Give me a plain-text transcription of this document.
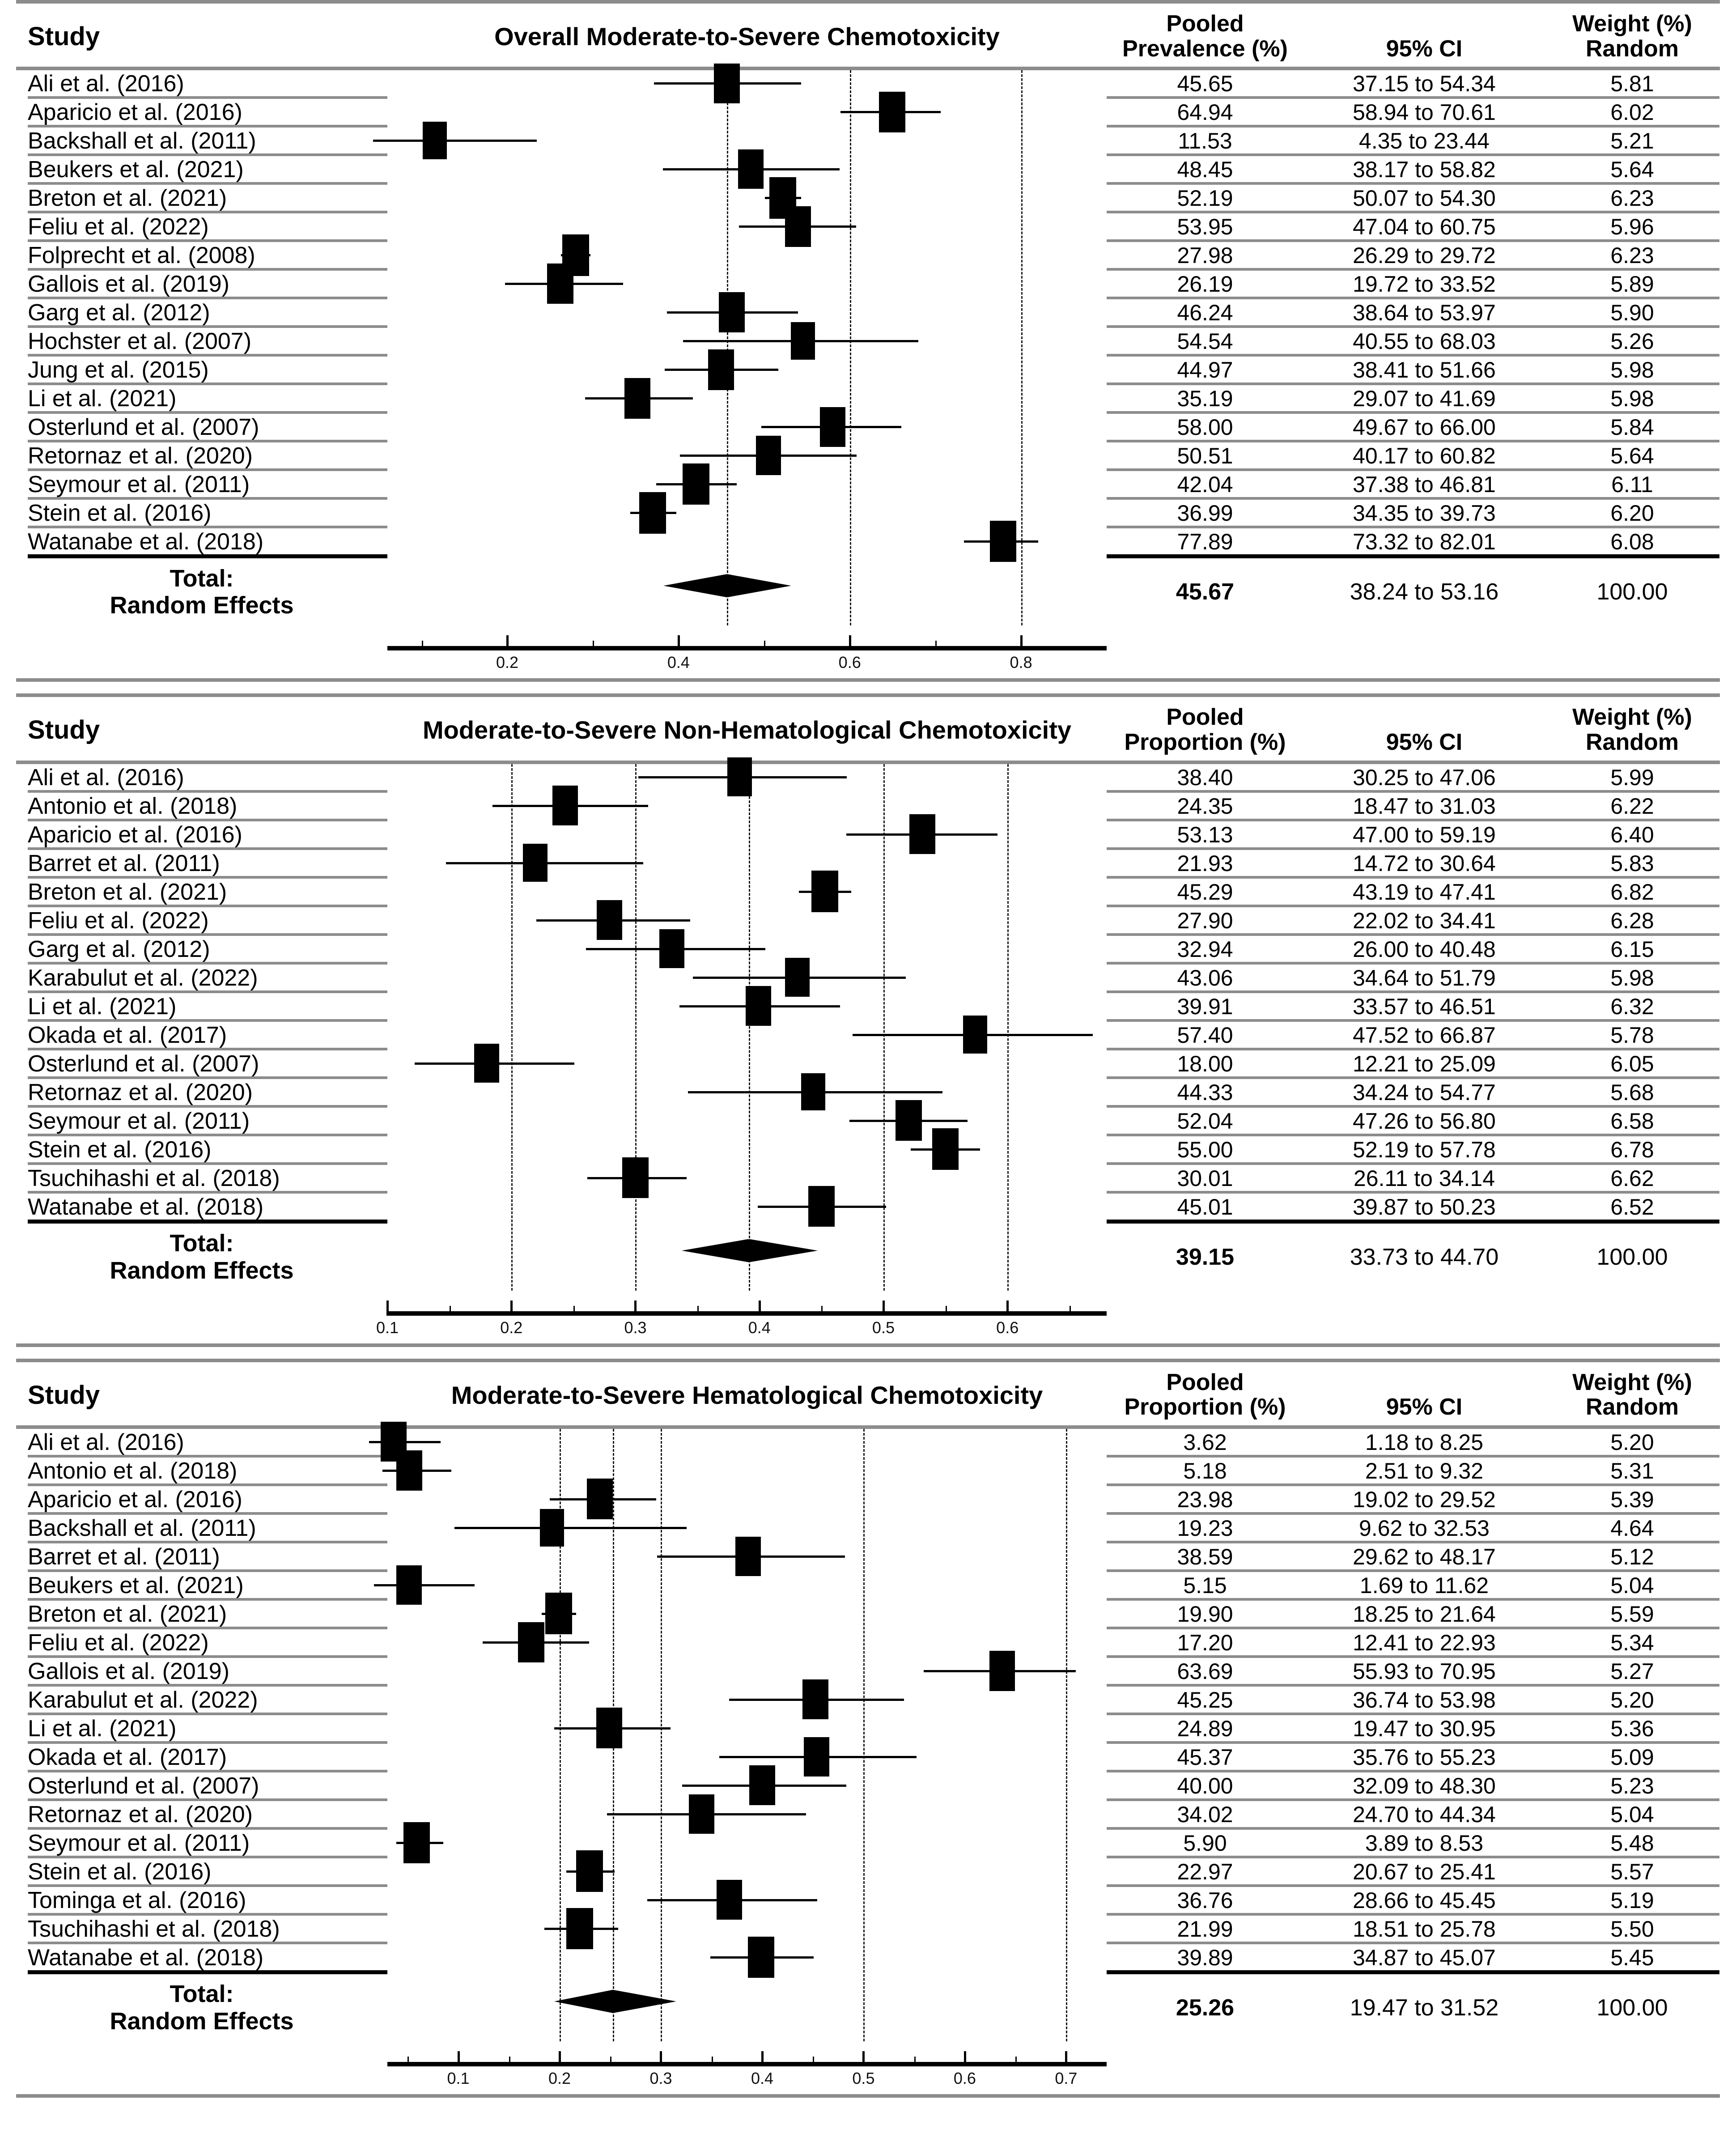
Study	Overall Moderate-to-Severe Chemotoxicity	Pooled
Prevalence (%)	95% CI
Weight (%)
Random
Ali et al. (2016)	45.65	37.15 to 54.34	5.81
Aparicio et al. (2016)	64.94	58.94 to 70.61	6.02
Backshall et al. (2011)	11.53	4.35 to 23.44	5.21
Beukers et al. (2021)	48.45	38.17 to 58.82	5.64
Breton et al. (2021)	52.19	50.07 to 54.30	6.23
Feliu et al. (2022)	53.95	47.04 to 60.75	5.96
Folprecht et al. (2008)	27.98	26.29 to 29.72	6.23
Gallois et al. (2019)	26.19	19.72 to 33.52	5.89
Garg et al. (2012)	46.24	38.64 to 53.97	5.90
Hochster et al. (2007)	54.54	40.55 to 68.03	5.26
Jung et al. (2015)	44.97	38.41 to 51.66	5.98
Li et al. (2021)	35.19	29.07 to 41.69	5.98
Osterlund et al. (2007)	58.00	49.67 to 66.00	5.84
Retornaz et al. (2020)	50.51	40.17 to 60.82	5.64
Seymour et al. (2011)	42.04	37.38 to 46.81	6.11
Stein et al. (2016)	36.99	34.35 to 39.73	6.20
Watanabe et al. (2018)	77.89	73.32 to 82.01	6.08
Total:
Random Effects	45.67	38.24 to 53.16	100.00
0.2	0.4	0.6	0.8
Study	Moderate-to-Severe Non-Hematological Chemotoxicity	Pooled
Proportion (%)	95% CI
Weight (%)
Random
Ali et al. (2016)	38.40	30.25 to 47.06	5.99
Antonio et al. (2018)	24.35	18.47 to 31.03	6.22
Aparicio et al. (2016)	53.13	47.00 to 59.19	6.40
Barret et al. (2011)	21.93	14.72 to 30.64	5.83
Breton et al. (2021)	45.29	43.19 to 47.41	6.82
Feliu et al. (2022)	27.90	22.02 to 34.41	6.28
Garg et al. (2012)	32.94	26.00 to 40.48	6.15
Karabulut et al. (2022)	43.06	34.64 to 51.79	5.98
Li et al. (2021)	39.91	33.57 to 46.51	6.32
Okada et al. (2017)	57.40	47.52 to 66.87	5.78
Osterlund et al. (2007)	18.00	12.21 to 25.09	6.05
Retornaz et al. (2020)	44.33	34.24 to 54.77	5.68
Seymour et al. (2011)	52.04	47.26 to 56.80	6.58
Stein et al. (2016)	55.00	52.19 to 57.78	6.78
Tsuchihashi et al. (2018)	30.01	26.11 to 34.14	6.62
Watanabe et al. (2018)	45.01	39.87 to 50.23	6.52
Total:
Random Effects	39.15	33.73 to 44.70	100.00
0.1	0.2	0.3	0.4	0.5	0.6
Study	Moderate-to-Severe Hematological Chemotoxicity	Pooled
Proportion (%)	95% CI
Weight (%)
Random
Ali et al. (2016)	3.62	1.18 to 8.25	5.20
Antonio et al. (2018)	5.18	2.51 to 9.32	5.31
Aparicio et al. (2016)	23.98	19.02 to 29.52	5.39
Backshall et al. (2011)	19.23	9.62 to 32.53	4.64
Barret et al. (2011)	38.59	29.62 to 48.17	5.12
Beukers et al. (2021)	5.15	1.69 to 11.62	5.04
Breton et al. (2021)	19.90	18.25 to 21.64	5.59
Feliu et al. (2022)	17.20	12.41 to 22.93	5.34
Gallois et al. (2019)	63.69	55.93 to 70.95	5.27
Karabulut et al. (2022)	45.25	36.74 to 53.98	5.20
Li et al. (2021)	24.89	19.47 to 30.95	5.36
Okada et al. (2017)	45.37	35.76 to 55.23	5.09
Osterlund et al. (2007)	40.00	32.09 to 48.30	5.23
Retornaz et al. (2020)	34.02	24.70 to 44.34	5.04
Seymour et al. (2011)	5.90	3.89 to 8.53	5.48
Stein et al. (2016)	22.97	20.67 to 25.41	5.57
Tominga et al. (2016)	36.76	28.66 to 45.45	5.19
Tsuchihashi et al. (2018)	21.99	18.51 to 25.78	5.50
Watanabe et al. (2018)	39.89	34.87 to 45.07	5.45
Total:
Random Effects	25.26	19.47 to 31.52	100.00
0.1	0.2	0.3	0.4	0.5	0.6	0.7
